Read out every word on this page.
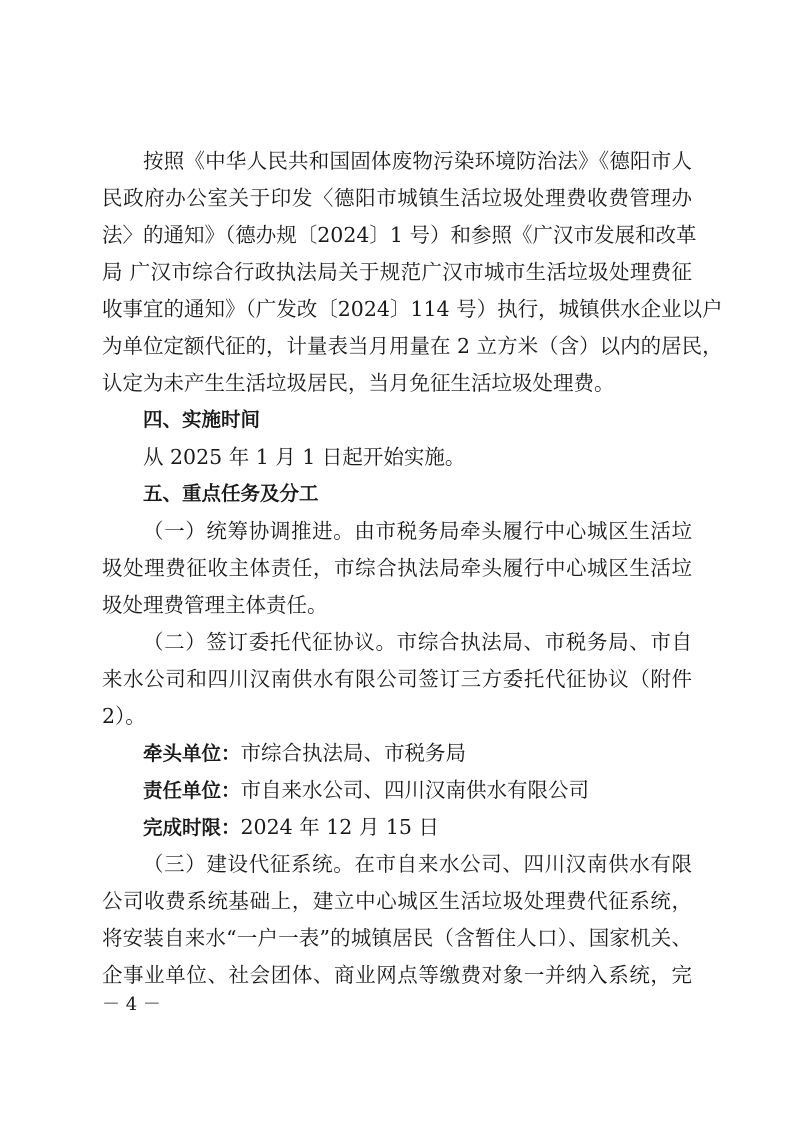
按照《中华人民共和国固体废物污染环境防治法》《德阳市人
民政府办公室关于印发〈德阳市城镇生活垃圾处理费收费管理办
法〉的通知》（德办规〔2024〕1 号）和参照《广汉市发展和改革
局 广汉市综合行政执法局关于规范广汉市城市生活垃圾处理费征
收事宜的通知》（广发改〔2024〕114 号）执行，城镇供水企业以户
为单位定额代征的，计量表当月用量在 2 立方米（含）以内的居民，
认定为未产生生活垃圾居民，当月免征生活垃圾处理费。
四、实施时间
从 2025 年 1 月 1 日起开始实施。
五、重点任务及分工
（一）统筹协调推进。由市税务局牵头履行中心城区生活垃
圾处理费征收主体责任，市综合执法局牵头履行中心城区生活垃
圾处理费管理主体责任。
（二）签订委托代征协议。市综合执法局、市税务局、市自
来水公司和四川汉南供水有限公司签订三方委托代征协议（附件
2）。
牵头单位：市综合执法局、市税务局
责任单位：市自来水公司、四川汉南供水有限公司
完成时限：2024 年 12 月 15 日
（三）建设代征系统。在市自来水公司、四川汉南供水有限
公司收费系统基础上，建立中心城区生活垃圾处理费代征系统，
将安装自来水“一户一表”的城镇居民（含暂住人口）、国家机关、
企事业单位、社会团体、商业网点等缴费对象一并纳入系统，完
－ 4 －
